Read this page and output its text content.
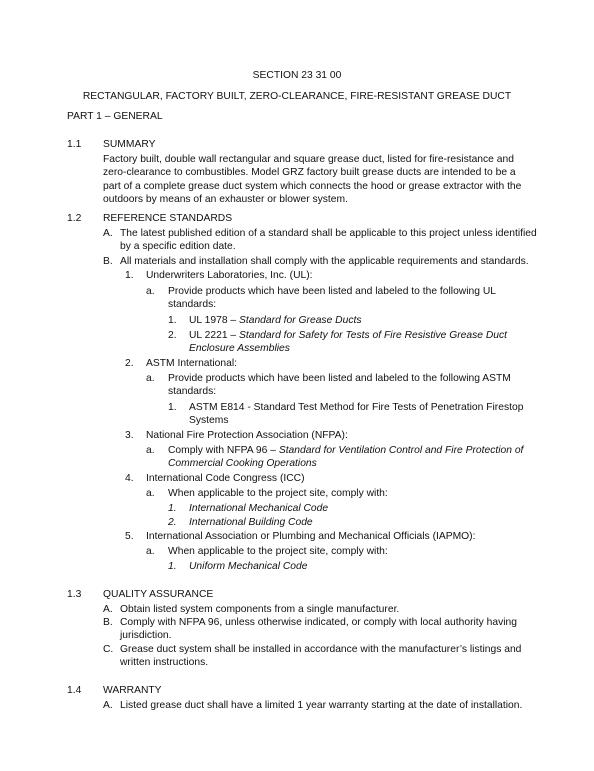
SECTION 23 31 00
RECTANGULAR, FACTORY BUILT, ZERO-CLEARANCE, FIRE-RESISTANT GREASE DUCT
PART 1 – GENERAL
1.1 SUMMARY
Factory built, double wall rectangular and square grease duct, listed for fire-resistance and zero-clearance to combustibles. Model GRZ factory built grease ducts are intended to be a part of a complete grease duct system which connects the hood or grease extractor with the outdoors by means of an exhauster or blower system.
1.2 REFERENCE STANDARDS
A. The latest published edition of a standard shall be applicable to this project unless identified
by a specific edition date.
B. All materials and installation shall comply with the applicable requirements and standards.
1. Underwriters Laboratories, Inc. (UL):
a. Provide products which have been listed and labeled to the following UL
standards:
1. UL 1978 – Standard for Grease Ducts
2. UL 2221 – Standard for Safety for Tests of Fire Resistive Grease Duct
Enclosure Assemblies
2. ASTM International:
a. Provide products which have been listed and labeled to the following ASTM
standards:
1. ASTM E814 - Standard Test Method for Fire Tests of Penetration Firestop
Systems
3. National Fire Protection Association (NFPA):
a. Comply with NFPA 96 – Standard for Ventilation Control and Fire Protection of
Commercial Cooking Operations
4. International Code Congress (ICC)
a. When applicable to the project site, comply with:
1. International Mechanical Code
2. International Building Code
5. International Association or Plumbing and Mechanical Officials (IAPMO):
a. When applicable to the project site, comply with:
1. Uniform Mechanical Code
1.3 QUALITY ASSURANCE
A. Obtain listed system components from a single manufacturer.
B. Comply with NFPA 96, unless otherwise indicated, or comply with local authority having
jurisdiction.
C. Grease duct system shall be installed in accordance with the manufacturer’s listings and
written instructions.
1.4 WARRANTY
A. Listed grease duct shall have a limited 1 year warranty starting at the date of installation.
